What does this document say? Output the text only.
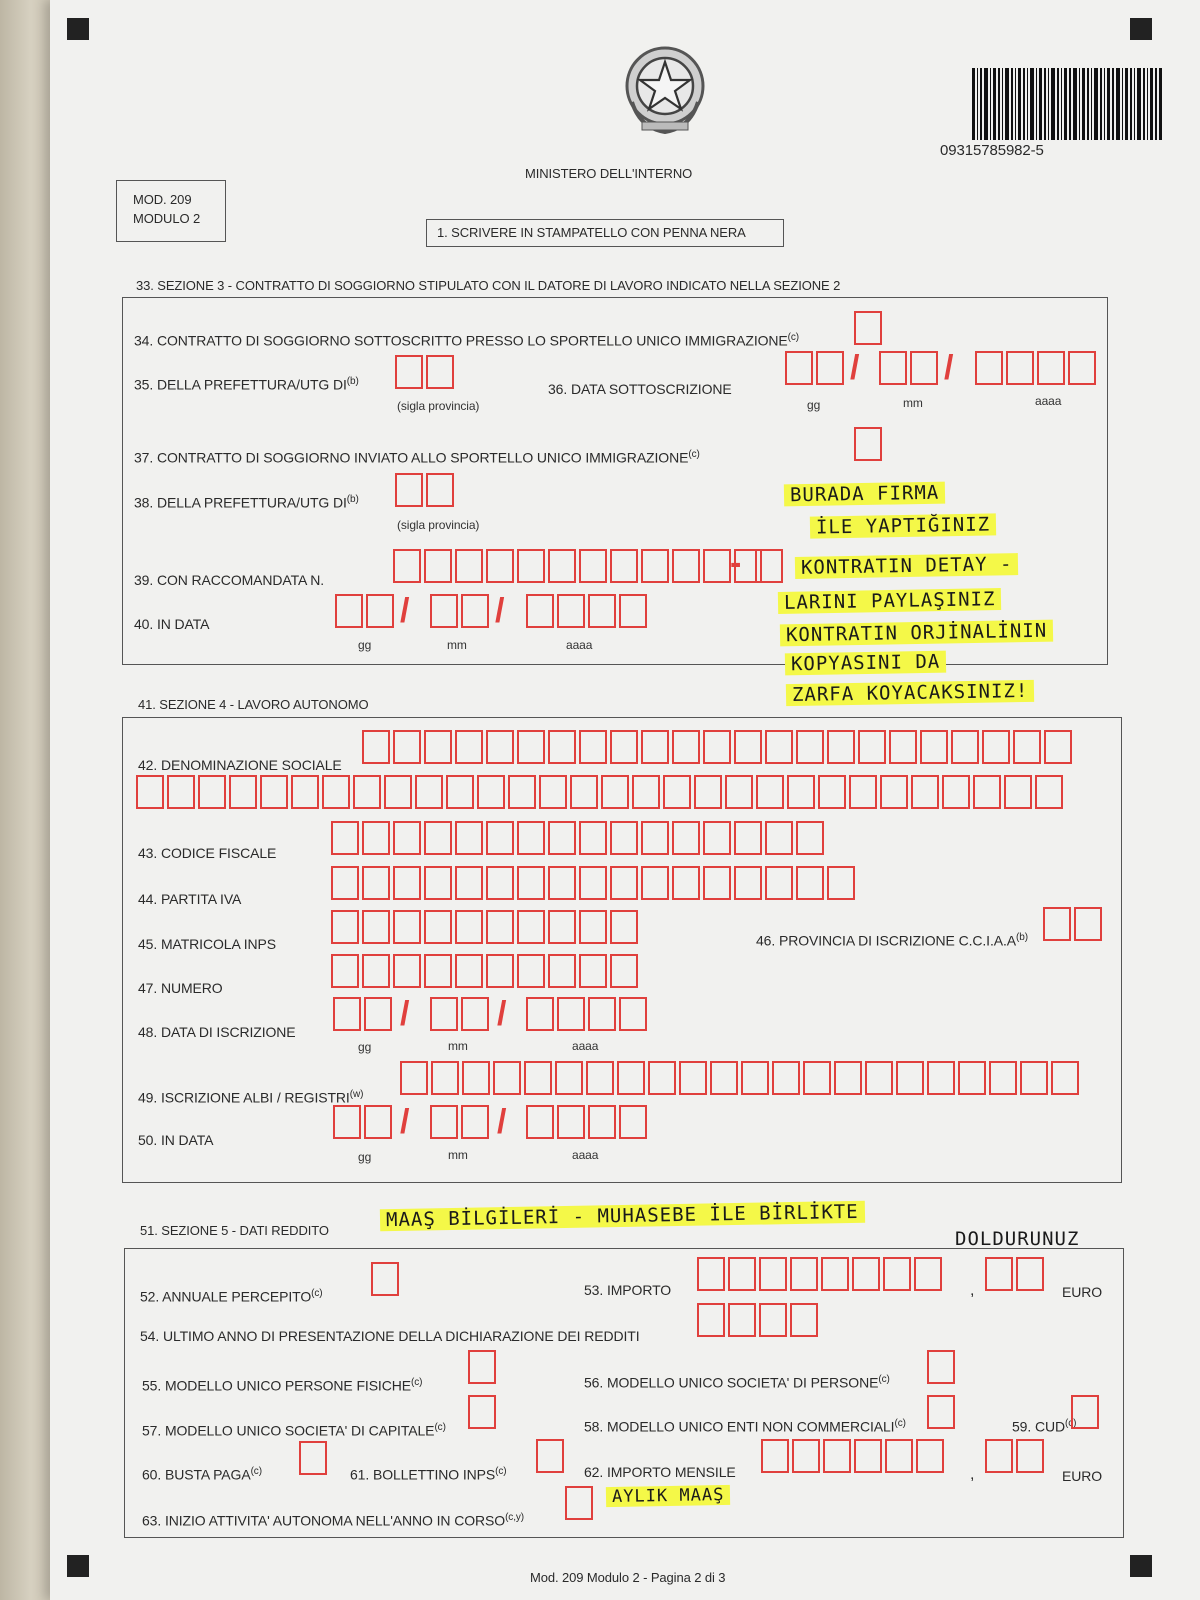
09315785982-5
MINISTERO DELL'INTERNO
MOD. 209
MODULO 2
1. SCRIVERE IN STAMPATELLO CON PENNA NERA
33. SEZIONE 3 - CONTRATTO DI SOGGIORNO STIPULATO CON IL DATORE DI LAVORO INDICATO NELLA SEZIONE 2
34. CONTRATTO DI SOGGIORNO SOTTOSCRITTO PRESSO LO SPORTELLO UNICO IMMIGRAZIONE$^{(c)}$
35. DELLA PREFETTURA/UTG DI$^{(b)}$
(sigla provincia)
36. DATA SOTTOSCRIZIONE
/ /
gg	mm	aaaa
37. CONTRATTO DI SOGGIORNO INVIATO ALLO SPORTELLO UNICO IMMIGRAZIONE$^{(c)}$
38. DELLA PREFETTURA/UTG DI$^{(b)}$
(sigla provincia)
39. CON RACCOMANDATA N.	-
40. IN DATA	/	/
gg	mm	aaaa
BURADA FIRMA
İLE YAPTIĞINIZ
KONTRATIN DETAY -
LARINI PAYLAŞINIZ
KONTRATIN ORJİNALİNIN
KOPYASINI DA
ZARFA KOYACAKSINIZ!
41. SEZIONE 4 - LAVORO AUTONOMO
42. DENOMINAZIONE SOCIALE
43. CODICE FISCALE
44. PARTITA IVA
45. MATRICOLA INPS	46. PROVINCIA DI ISCRIZIONE $C.C.I.A.A^{(b)}$
47. NUMERO
48. DATA DI ISCRIZIONE	/	/
gg	mm	aaaa
49. ISCRIZIONE ALBI / REGISTRI$^{(w)}$
50. IN DATA	/	/
gg	mm	aaaa
51. SEZIONE 5 - DATI REDDITO	MAAŞ BİLGİLERİ - MUHASEBE İLE BİRLİKTE
DOLDURUNUZ
52. ANNUALE PERCEPITO$^{(c)}$	53. IMPORTO	,	EURO
54. ULTIMO ANNO DI PRESENTAZIONE DELLA DICHIARAZIONE DEI REDDITI
55. MODELLO UNICO PERSONE FISICHE$^{(c)}$	56. MODELLO UNICO SOCIETA' DI PERSONE$^{(c)}$
57. MODELLO UNICO SOCIETA' DI CAPITALE$^{(c)}$	58. MODELLO UNICO ENTI NON COMMERCIALI$^{(c)}$	59. CUD$^{(c)}$
60. BUSTA PAGA$^{(c)}$	61. BOLLETTINO INPS$^{(c)}$	62. IMPORTO MENSILE	,	EURO
AYLIK MAAŞ
63. INIZIO ATTIVITA' AUTONOMA NELL'ANNO IN CORSO$^{(c,y)}$
Mod. 209 Modulo 2 - Pagina 2 di 3
